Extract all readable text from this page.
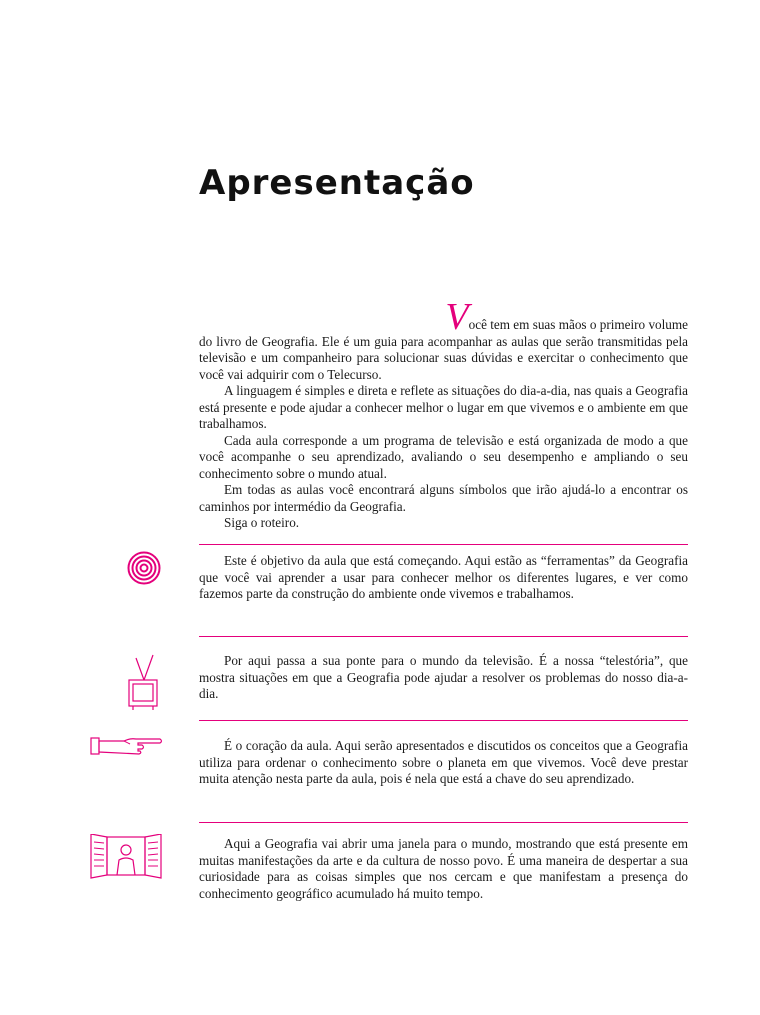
Apresentação

Você tem em suas mãos o primeiro volume
do livro de Geografia. Ele é um guia para acompanhar as aulas que serão transmitidas pela televisão e um companheiro para solucionar suas dúvidas e exercitar o conhecimento que você vai adquirir com o Telecurso.

A linguagem é simples e direta e reflete as situações do dia-a-dia, nas quais a Geografia está presente e pode ajudar a conhecer melhor o lugar em que vivemos e o ambiente em que trabalhamos.

Cada aula corresponde a um programa de televisão e está organizada de modo a que você acompanhe o seu aprendizado, avaliando o seu desempenho e ampliando o seu conhecimento sobre o mundo atual.

Em todas as aulas você encontrará alguns símbolos que irão ajudá-lo a encontrar os caminhos por intermédio da Geografia.

Siga o roteiro.

Este é objetivo da aula que está começando. Aqui estão as “ferramentas” da Geografia que você vai aprender a usar para conhecer melhor os diferentes lugares, e ver como fazemos parte da construção do ambiente onde vivemos e trabalhamos.

Por aqui passa a sua ponte para o mundo da televisão. É a nossa “telestória”, que mostra situações em que a Geografia pode ajudar a resolver os problemas do nosso dia-a-dia.

É o coração da aula. Aqui serão apresentados e discutidos os conceitos que a Geografia utiliza para ordenar o conhecimento sobre o planeta em que vivemos. Você deve prestar muita atenção nesta parte da aula, pois é nela que está a chave do seu aprendizado.

Aqui a Geografia vai abrir uma janela para o mundo, mostrando que está presente em muitas manifestações da arte e da cultura de nosso povo. É uma maneira de despertar a sua curiosidade para as coisas simples que nos cercam e que manifestam a presença do conhecimento geográfico acumulado há muito tempo.
